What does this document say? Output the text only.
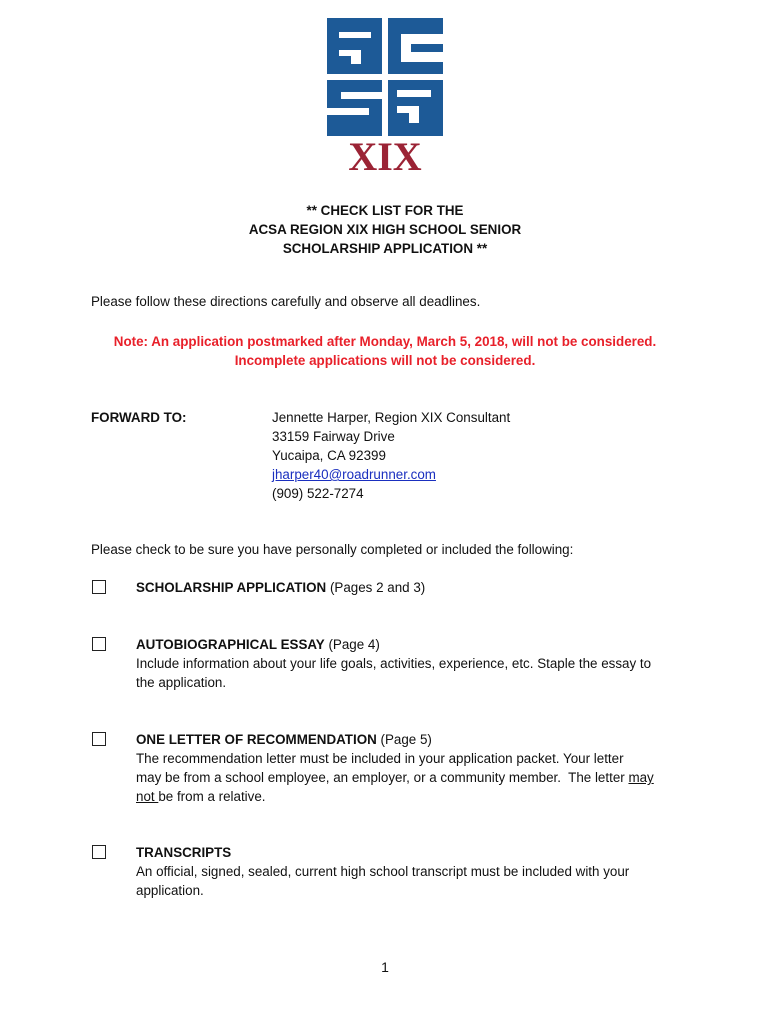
XIX
** CHECK LIST FOR THE
ACSA REGION XIX HIGH SCHOOL SENIOR
SCHOLARSHIP APPLICATION **
Please follow these directions carefully and observe all deadlines.
Note: An application postmarked after Monday, March 5, 2018, will not be considered.
Incomplete applications will not be considered.
FORWARD TO:	Jennette Harper, Region XIX Consultant
33159 Fairway Drive
Yucaipa, CA 92399
jharper40@roadrunner.com
(909) 522-7274
Please check to be sure you have personally completed or included the following:
SCHOLARSHIP APPLICATION (Pages 2 and 3)
AUTOBIOGRAPHICAL ESSAY (Page 4)
Include information about your life goals, activities, experience, etc. Staple the essay to
the application.
ONE LETTER OF RECOMMENDATION (Page 5)
The recommendation letter must be included in your application packet. Your letter
may be from a school employee, an employer, or a community member.  The letter may
not be from a relative.
TRANSCRIPTS
An official, signed, sealed, current high school transcript must be included with your
application.
1
